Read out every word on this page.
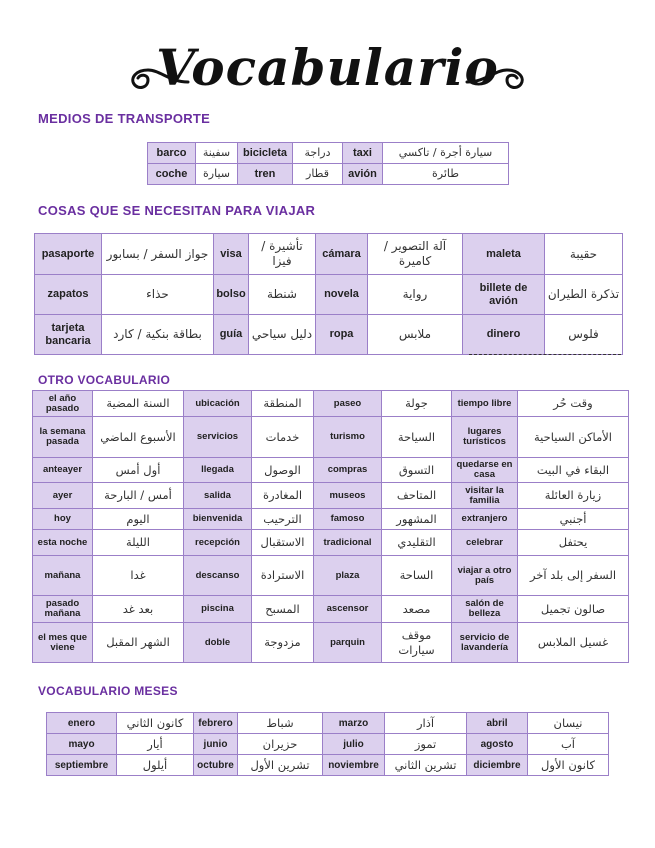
Vocabulario
MEDIOS DE TRANSPORTE
barco	سفينة	bicicleta	دراجة	taxi	سيارة أجرة / تاكسي
coche	سيارة	tren	قطار	avión	طائرة
COSAS QUE SE NECESITAN PARA VIAJAR
pasaporte	جواز السفر / بسابور	visa	تأشيرة / فيزا	cámara	آلة التصوير / كاميرة	maleta	حقيبة
zapatos	حذاء	bolso	شنطة	novela	رواية	billete de avión	تذكرة الطيران
tarjeta bancaria	بطاقة بنكية / كارد	guía	دليل سياحي	ropa	ملابس	dinero	فلوس
OTRO VOCABULARIO
el año pasado	السنة المضية	ubicación	المنطقة	paseo	جولة	tiempo libre	وقت حُر
la semana pasada	الأسبوع الماضي	servicios	خدمات	turismo	السياحة	lugares turísticos	الأماكن السياحية
anteayer	أول أمس	llegada	الوصول	compras	التسوق	quedarse en casa	البقاء في البيت
ayer	أمس / البارحة	salida	المغادرة	museos	المتاحف	visitar la familia	زيارة العائلة
hoy	اليوم	bienvenida	الترحيب	famoso	المشهور	extranjero	أجنبي
esta noche	الليلة	recepción	الاستقبال	tradicional	التقليدي	celebrar	يحتفل
mañana	غدا	descanso	الاسترادة	plaza	الساحة	viajar a otro país	السفر إلى بلد آخر
pasado mañana	بعد غد	piscina	المسبح	ascensor	مصعد	salón de belleza	صالون تجميل
el mes que viene	الشهر المقبل	doble	مزدوجة	parquin	موقف سيارات	servicio de lavandería	غسيل الملابس
VOCABULARIO MESES
enero	كانون الثاني	febrero	شباط	marzo	آذار	abril	نيسان
mayo	أيار	junio	حزيران	julio	تموز	agosto	آب
septiembre	أيلول	octubre	تشرين الأول	noviembre	تشرين الثاني	diciembre	كانون الأول
